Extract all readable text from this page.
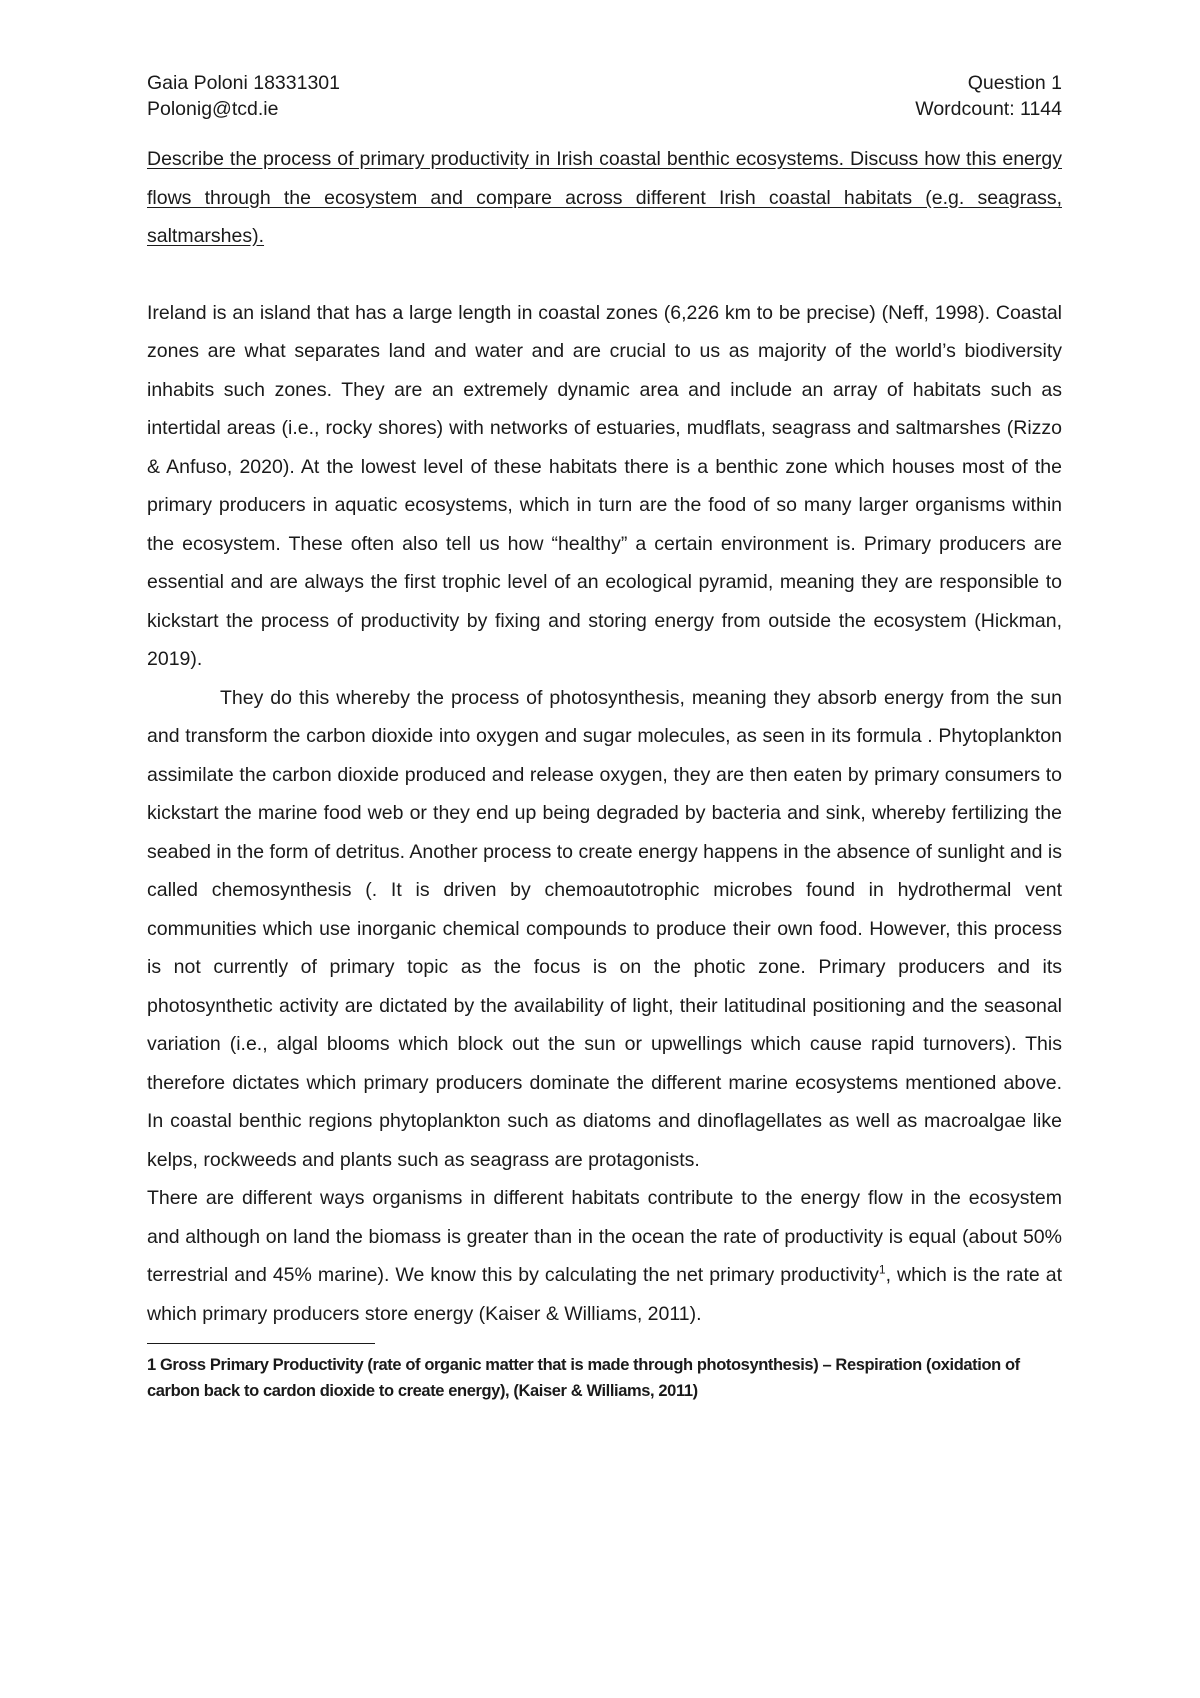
Gaia Poloni 18331301	Question 1
Polonig@tcd.ie	Wordcount: 1144
Describe the process of primary productivity in Irish coastal benthic ecosystems. Discuss how this energy flows through the ecosystem and compare across different Irish coastal habitats (e.g. seagrass, saltmarshes).

Ireland is an island that has a large length in coastal zones (6,226 km to be precise) (Neff, 1998). Coastal zones are what separates land and water and are crucial to us as majority of the world’s biodiversity inhabits such zones. They are an extremely dynamic area and include an array of habitats such as intertidal areas (i.e., rocky shores) with networks of estuaries, mudflats, seagrass and saltmarshes (Rizzo & Anfuso, 2020). At the lowest level of these habitats there is a benthic zone which houses most of the primary producers in aquatic ecosystems, which in turn are the food of so many larger organisms within the ecosystem. These often also tell us how “healthy” a certain environment is. Primary producers are essential and are always the first trophic level of an ecological pyramid, meaning they are responsible to kickstart the process of productivity by fixing and storing energy from outside the ecosystem (Hickman, 2019).

They do this whereby the process of photosynthesis, meaning they absorb energy from the sun and transform the carbon dioxide into oxygen and sugar molecules, as seen in its formula . Phytoplankton assimilate the carbon dioxide produced and release oxygen, they are then eaten by primary consumers to kickstart the marine food web or they end up being degraded by bacteria and sink, whereby fertilizing the seabed in the form of detritus. Another process to create energy happens in the absence of sunlight and is called chemosynthesis (. It is driven by chemoautotrophic microbes found in hydrothermal vent communities which use inorganic chemical compounds to produce their own food. However, this process is not currently of primary topic as the focus is on the photic zone. Primary producers and its photosynthetic activity are dictated by the availability of light, their latitudinal positioning and the seasonal variation (i.e., algal blooms which block out the sun or upwellings which cause rapid turnovers). This therefore dictates which primary producers dominate the different marine ecosystems mentioned above. In coastal benthic regions phytoplankton such as diatoms and dinoflagellates as well as macroalgae like kelps, rockweeds and plants such as seagrass are protagonists.

There are different ways organisms in different habitats contribute to the energy flow in the ecosystem and although on land the biomass is greater than in the ocean the rate of productivity is equal (about 50% terrestrial and 45% marine). We know this by calculating the net primary productivity$^1$, which is the rate at which primary producers store energy (Kaiser & Williams, 2011).

1 Gross Primary Productivity (rate of organic matter that is made through photosynthesis) – Respiration (oxidation of carbon back to cardon dioxide to create energy), (Kaiser & Williams, 2011)
